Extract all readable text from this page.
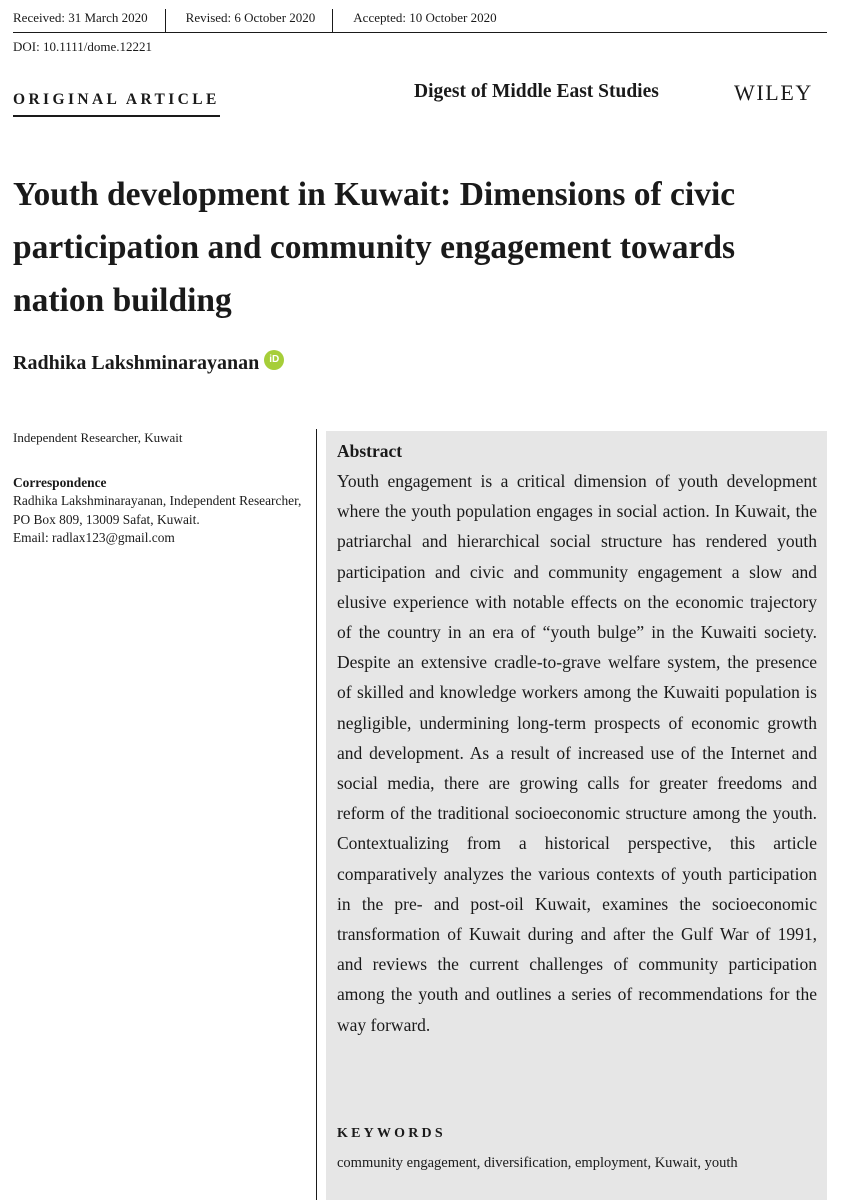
Received: 31 March 2020	Revised: 6 October 2020	Accepted: 10 October 2020
DOI: 10.1111/dome.12221
ORIGINAL ARTICLE	Digest of Middle East Studies	WILEY
Youth development in Kuwait: Dimensions of civic participation and community engagement towards nation building
Radhika Lakshminarayanan	iD
Independent Researcher, Kuwait
Correspondence
Radhika Lakshminarayanan, Independent Researcher, PO Box 809, 13009 Safat, Kuwait.
Email: radlax123@gmail.com
Abstract

Youth engagement is a critical dimension of youth development where the youth population engages in social action. In Kuwait, the patriarchal and hierarchical social structure has rendered youth participation and civic and community engagement a slow and elusive experience with notable effects on the economic trajectory of the country in an era of “youth bulge” in the Kuwaiti society. Despite an extensive cradle-to-grave welfare system, the presence of skilled and knowledge workers among the Kuwaiti population is negligible, undermining long-term prospects of economic growth and development. As a result of increased use of the Internet and social media, there are growing calls for greater freedoms and reform of the traditional socioeconomic structure among the youth. Contextualizing from a historical perspective, this article comparatively analyzes the various contexts of youth participation in the pre- and post-oil Kuwait, examines the socioeconomic transformation of Kuwait during and after the Gulf War of 1991, and reviews the current challenges of community participation among the youth and outlines a series of recommendations for the way forward.

KEYWORDS
community engagement, diversification, employment, Kuwait, youth
